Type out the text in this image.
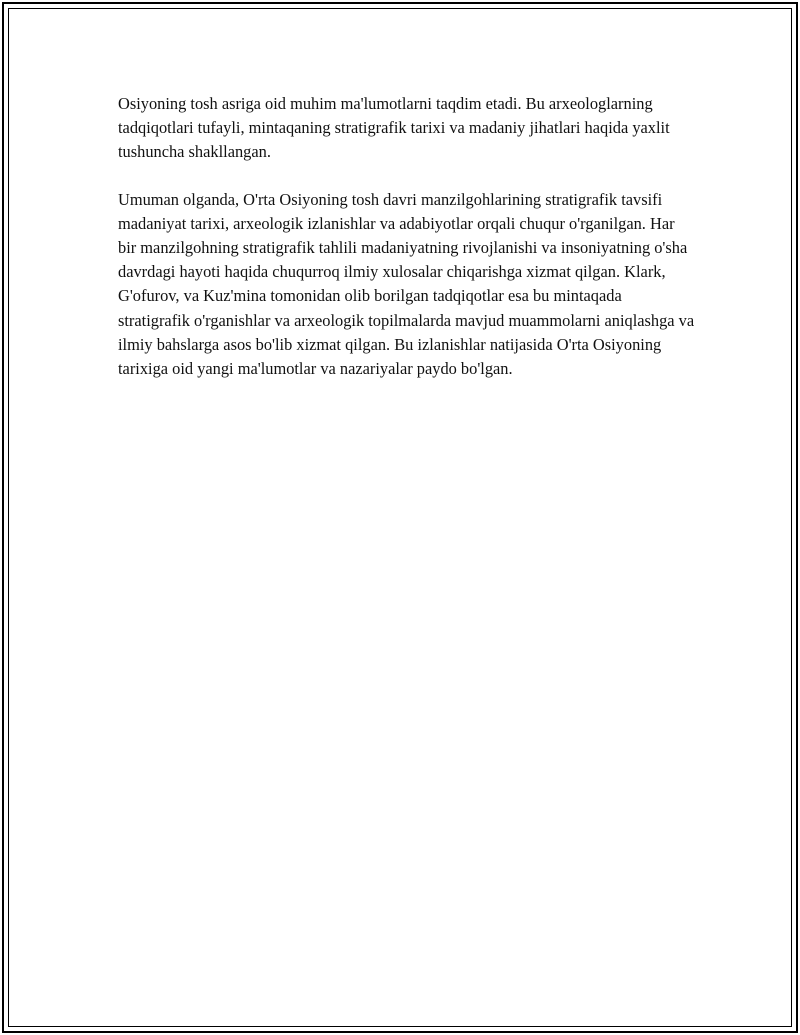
Osiyoning tosh asriga oid muhim ma'lumotlarni taqdim etadi. Bu arxeologlarning tadqiqotlari tufayli, mintaqaning stratigrafik tarixi va madaniy jihatlari haqida yaxlit tushuncha shakllangan.

Umuman olganda, O'rta Osiyoning tosh davri manzilgohlarining stratigrafik tavsifi madaniyat tarixi, arxeologik izlanishlar va adabiyotlar orqali chuqur o'rganilgan. Har bir manzilgohning stratigrafik tahlili madaniyatning rivojlanishi va insoniyatning o'sha davrdagi hayoti haqida chuqurroq ilmiy xulosalar chiqarishga xizmat qilgan. Klark, G'ofurov, va Kuz'mina tomonidan olib borilgan tadqiqotlar esa bu mintaqada stratigrafik o'rganishlar va arxeologik topilmalarda mavjud muammolarni aniqlashga va ilmiy bahslarga asos bo'lib xizmat qilgan. Bu izlanishlar natijasida O'rta Osiyoning tarixiga oid yangi ma'lumotlar va nazariyalar paydo bo'lgan.
